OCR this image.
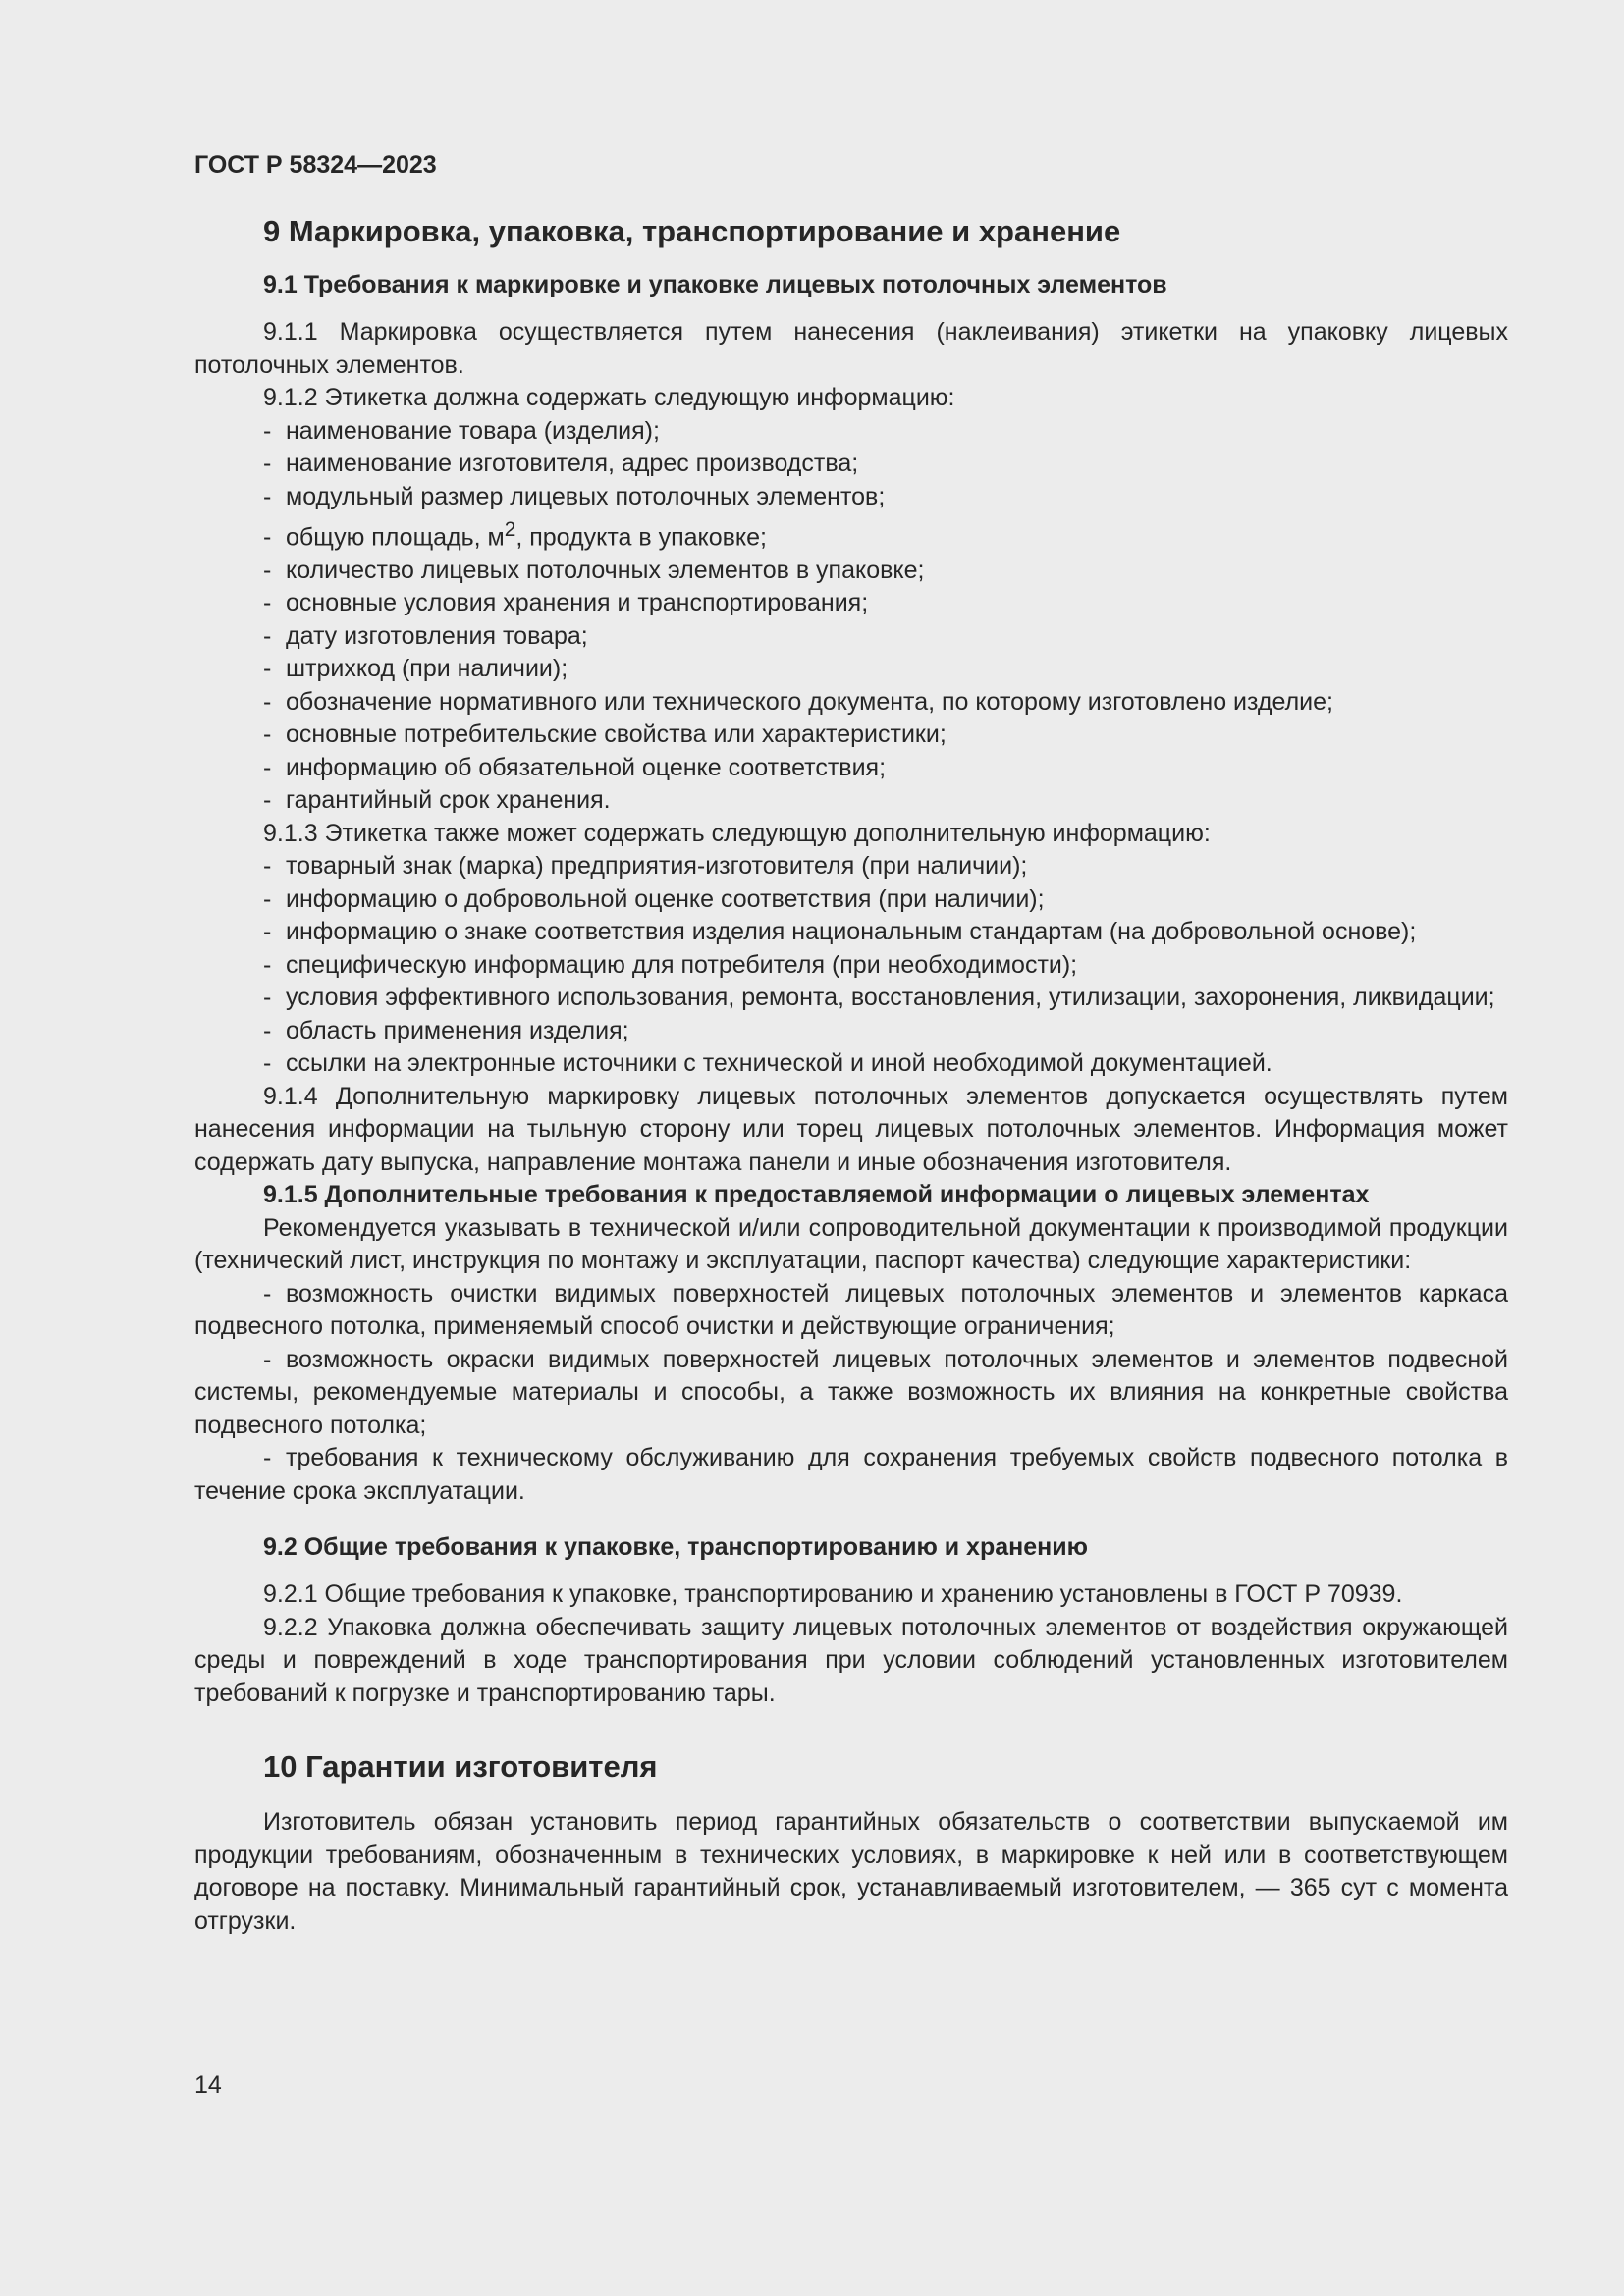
ГОСТ Р 58324—2023
9 Маркировка, упаковка, транспортирование и хранение
9.1 Требования к маркировке и упаковке лицевых потолочных элементов

9.1.1 Маркировка осуществляется путем нанесения (наклеивания) этикетки на упаковку лицевых потолочных элементов.

9.1.2 Этикетка должна содержать следующую информацию:

- наименование товара (изделия);
- наименование изготовителя, адрес производства;
- модульный размер лицевых потолочных элементов;
- общую площадь, $м^2$, продукта в упаковке;
- количество лицевых потолочных элементов в упаковке;
- основные условия хранения и транспортирования;
- дату изготовления товара;
- штрихкод (при наличии);
- обозначение нормативного или технического документа, по которому изготовлено изделие;
- основные потребительские свойства или характеристики;
- информацию об обязательной оценке соответствия;
- гарантийный срок хранения.

9.1.3 Этикетка также может содержать следующую дополнительную информацию:

- товарный знак (марка) предприятия-изготовителя (при наличии);
- информацию о добровольной оценке соответствия (при наличии);
- информацию о знаке соответствия изделия национальным стандартам (на добровольной основе);
- специфическую информацию для потребителя (при необходимости);
- условия эффективного использования, ремонта, восстановления, утилизации, захоронения, ликвидации;
- область применения изделия;
- ссылки на электронные источники с технической и иной необходимой документацией.

9.1.4 Дополнительную маркировку лицевых потолочных элементов допускается осуществлять путем нанесения информации на тыльную сторону или торец лицевых потолочных элементов. Информация может содержать дату выпуска, направление монтажа панели и иные обозначения изготовителя.

9.1.5 Дополнительные требования к предоставляемой информации о лицевых элементах

Рекомендуется указывать в технической и/или сопроводительной документации к производимой продукции (технический лист, инструкция по монтажу и эксплуатации, паспорт качества) следующие характеристики:

- возможность очистки видимых поверхностей лицевых потолочных элементов и элементов каркаса подвесного потолка, применяемый способ очистки и действующие ограничения;
- возможность окраски видимых поверхностей лицевых потолочных элементов и элементов подвесной системы, рекомендуемые материалы и способы, а также возможность их влияния на конкретные свойства подвесного потолка;
- требования к техническому обслуживанию для сохранения требуемых свойств подвесного потолка в течение срока эксплуатации.
9.2 Общие требования к упаковке, транспортированию и хранению

9.2.1 Общие требования к упаковке, транспортированию и хранению установлены в ГОСТ Р 70939.

9.2.2 Упаковка должна обеспечивать защиту лицевых потолочных элементов от воздействия окружающей среды и повреждений в ходе транспортирования при условии соблюдений установленных изготовителем требований к погрузке и транспортированию тары.

10 Гарантии изготовителя

Изготовитель обязан установить период гарантийных обязательств о соответствии выпускаемой им продукции требованиям, обозначенным в технических условиях, в маркировке к ней или в соответствующем договоре на поставку. Минимальный гарантийный срок, устанавливаемый изготовителем, — 365 сут с момента отгрузки.

14
